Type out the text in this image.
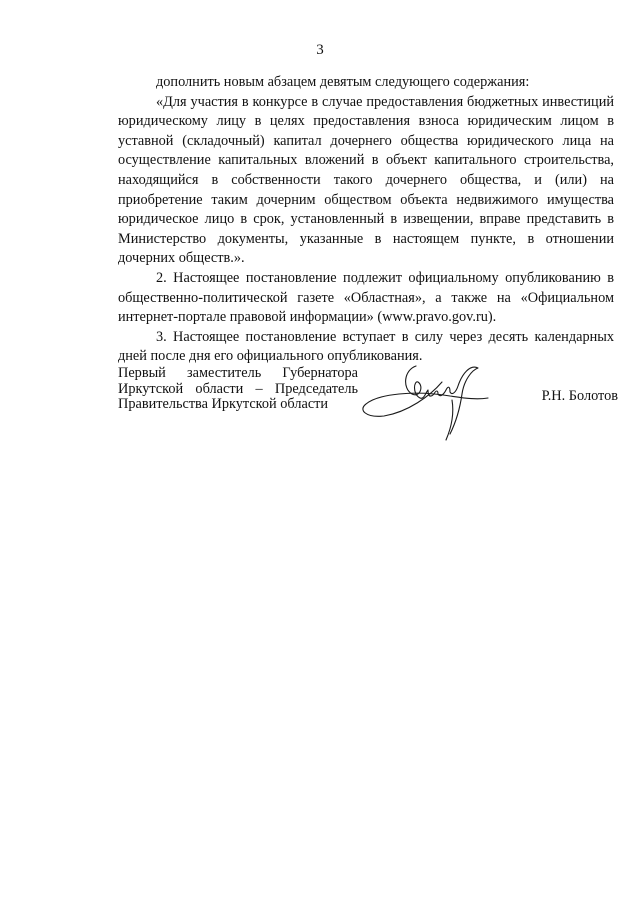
3

дополнить новым абзацем девятым следующего содержания:

«Для участия в конкурсе в случае предоставления бюджетных инвестиций юридическому лицу в целях предоставления взноса юридическим лицом в уставной (складочный) капитал дочернего общества юридического лица на осуществление капитальных вложений в объект капитального строительства, находящийся в собственности такого дочернего общества, и (или) на приобретение таким дочерним обществом объекта недвижимого имущества юридическое лицо в срок, установленный в извещении, вправе представить в Министерство документы, указанные в настоящем пункте, в отношении дочерних обществ.».

2. Настоящее постановление подлежит официальному опубликованию в общественно-политической газете «Областная», а также на «Официальном интернет-портале правовой информации» (www.pravo.gov.ru).

3. Настоящее постановление вступает в силу через десять календарных дней после дня его официального опубликования.

Первый заместитель Губернатора
Иркутской области – Председатель
Правительства Иркутской области	Р.Н. Болотов
